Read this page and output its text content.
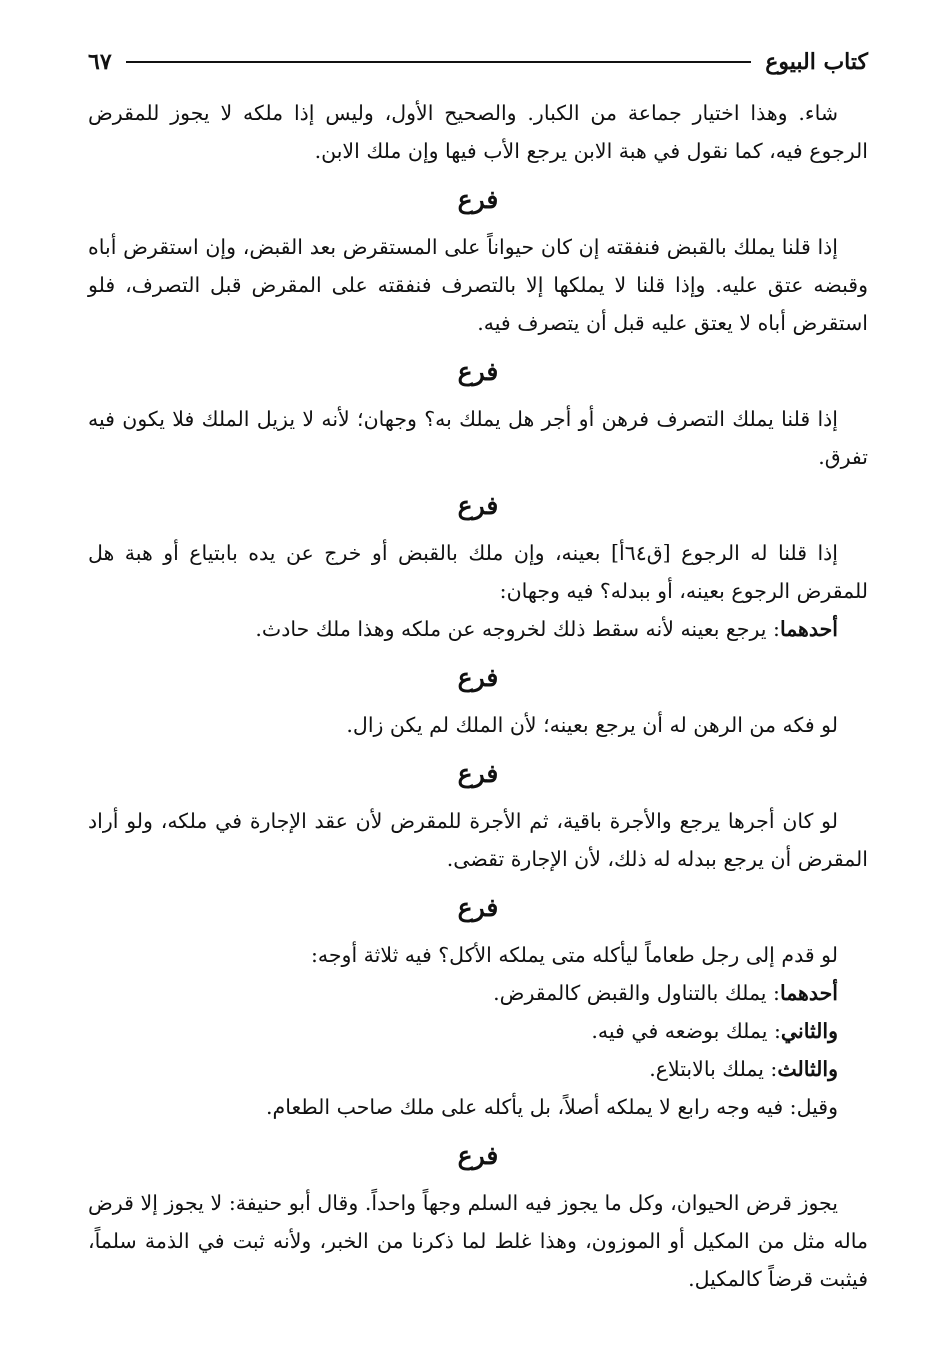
كتاب البيوع
٦٧

شاء. وهذا اختيار جماعة من الكبار. والصحيح الأول، وليس إذا ملكه لا يجوز للمقرض الرجوع فيه، كما نقول في هبة الابن يرجع الأب فيها وإن ملك الابن.

فرع

إذا قلنا يملك بالقبض فنفقته إن كان حيواناً على المستقرض بعد القبض، وإن استقرض أباه وقبضه عتق عليه. وإذا قلنا لا يملكها إلا بالتصرف فنفقته على المقرض قبل التصرف، فلو استقرض أباه لا يعتق عليه قبل أن يتصرف فيه.

فرع

إذا قلنا يملك التصرف فرهن أو أجر هل يملك به؟ وجهان؛ لأنه لا يزيل الملك فلا يكون فيه تفرق.

فرع

إذا قلنا له الرجوع [ق٦٤أ] بعينه، وإن ملك بالقبض أو خرج عن يده بابتياع أو هبة هل للمقرض الرجوع بعينه، أو ببدله؟ فيه وجهان:

أحدهما: يرجع بعينه لأنه سقط ذلك لخروجه عن ملكه وهذا ملك حادث.

فرع

لو فكه من الرهن له أن يرجع بعينه؛ لأن الملك لم يكن زال.

فرع

لو كان أجرها يرجع والأجرة باقية، ثم الأجرة للمقرض لأن عقد الإجارة في ملكه، ولو أراد المقرض أن يرجع ببدله له ذلك، لأن الإجارة تقضى.

فرع

لو قدم إلى رجل طعاماً ليأكله متى يملكه الأكل؟ فيه ثلاثة أوجه:

أحدهما: يملك بالتناول والقبض كالمقرض.

والثاني: يملك بوضعه في فيه.

والثالث: يملك بالابتلاع.

وقيل: فيه وجه رابع لا يملكه أصلاً، بل يأكله على ملك صاحب الطعام.

فرع

يجوز قرض الحيوان، وكل ما يجوز فيه السلم وجهاً واحداً. وقال أبو حنيفة: لا يجوز إلا قرض ماله مثل من المكيل أو الموزون، وهذا غلط لما ذكرنا من الخبر، ولأنه ثبت في الذمة سلماً، فيثبت قرضاً كالمكيل.
